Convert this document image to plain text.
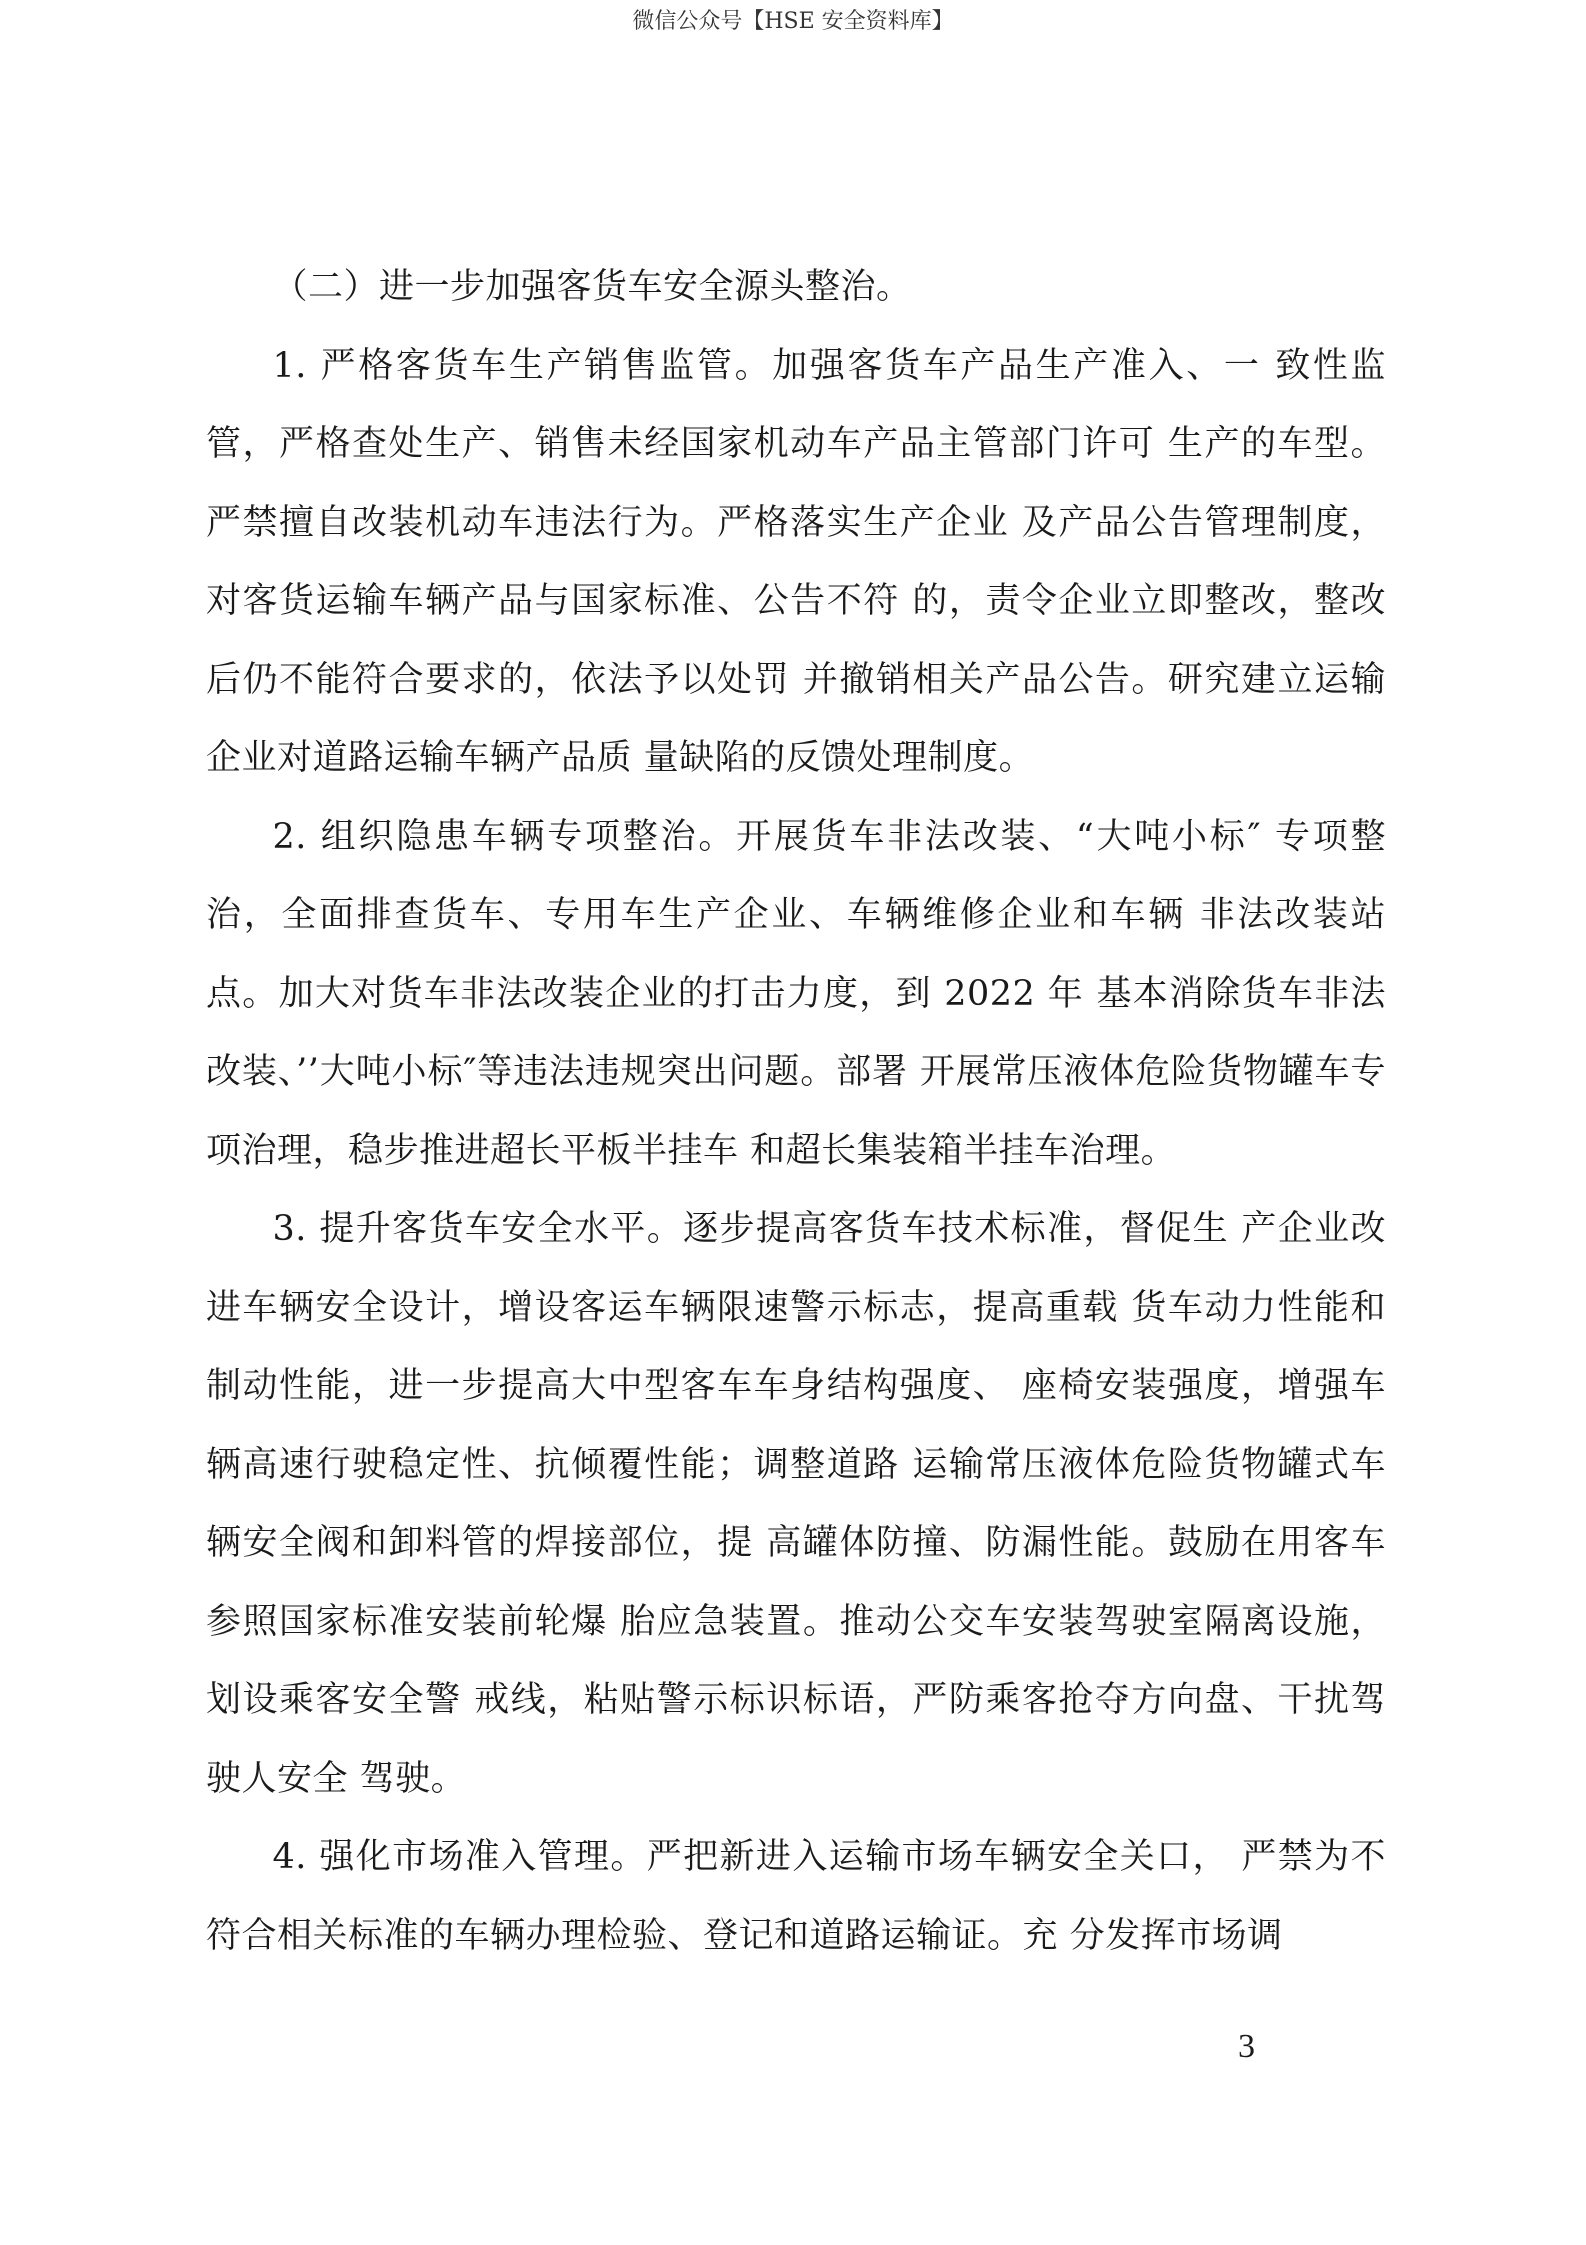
微信公众号【HSE 安全资料库】

（二）进一步加强客货车安全源头整治。

1. 严格客货车生产销售监管。加强客货车产品生产准入、一 致性监管，严格查处生产、销售未经国家机动车产品主管部门许可 生产的车型。严禁擅自改装机动车违法行为。严格落实生产企业 及产品公告管理制度，对客货运输车辆产品与国家标准、公告不符 的，责令企业立即整改，整改后仍不能符合要求的，依法予以处罚 并撤销相关产品公告。研究建立运输企业对道路运输车辆产品质 量缺陷的反馈处理制度。

2. 组织隐患车辆专项整治。开展货车非法改装、“大吨小标″ 专项整治，全面排查货车、专用车生产企业、车辆维修企业和车辆 非法改装站点。加大对货车非法改装企业的打击力度，到 2022 年 基本消除货车非法改装、’’大吨小标″等违法违规突出问题。部署 开展常压液体危险货物罐车专项治理，稳步推进超长平板半挂车 和超长集装箱半挂车治理。

3. 提升客货车安全水平。逐步提高客货车技术标准，督促生 产企业改进车辆安全设计，增设客运车辆限速警示标志，提高重载 货车动力性能和制动性能，进一步提高大中型客车车身结构强度、 座椅安装强度，增强车辆高速行驶稳定性、抗倾覆性能；调整道路 运输常压液体危险货物罐式车辆安全阀和卸料管的焊接部位，提 高罐体防撞、防漏性能。鼓励在用客车参照国家标准安装前轮爆 胎应急装置。推动公交车安装驾驶室隔离设施，划设乘客安全警 戒线，粘贴警示标识标语，严防乘客抢夺方向盘、干扰驾驶人安全 驾驶。

4. 强化市场准入管理。严把新进入运输市场车辆安全关口， 严禁为不符合相关标准的车辆办理检验、登记和道路运输证。充 分发挥市场调

3
